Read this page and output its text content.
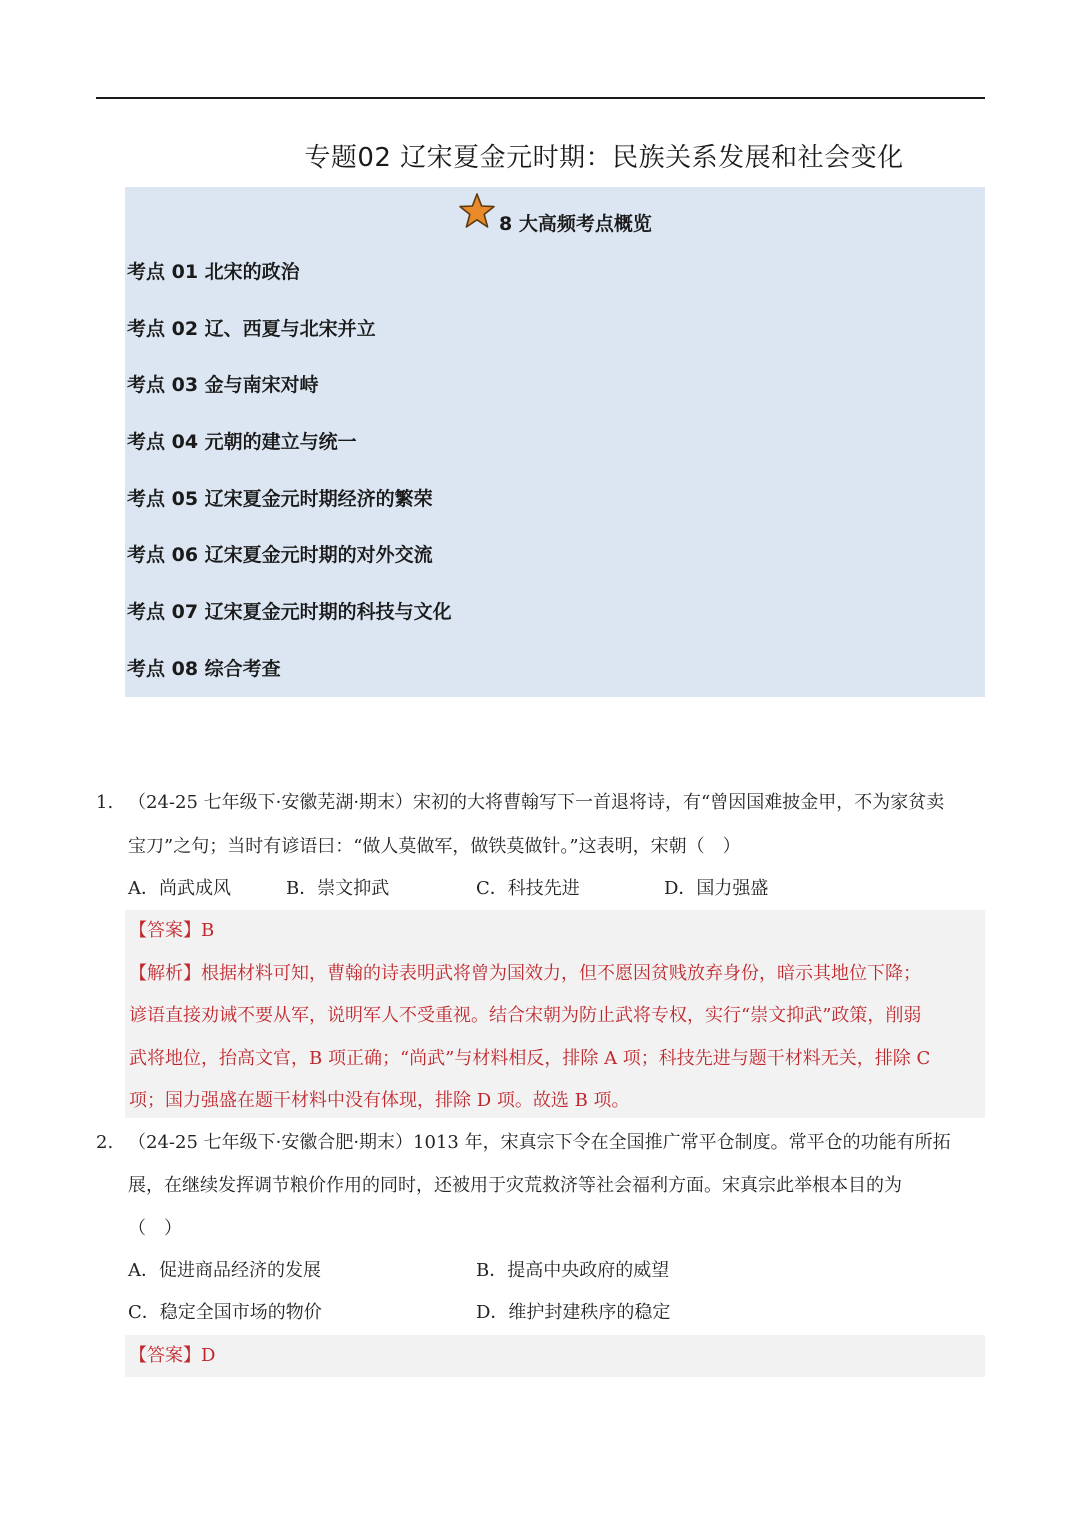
专题02 辽宋夏金元时期：民族关系发展和社会变化
8 大高频考点概览
考点 01 北宋的政治
考点 02 辽、西夏与北宋并立
考点 03 金与南宋对峙
考点 04 元朝的建立与统一
考点 05 辽宋夏金元时期经济的繁荣
考点 06 辽宋夏金元时期的对外交流
考点 07 辽宋夏金元时期的科技与文化
考点 08 综合考查
1. （24-25 七年级下·安徽芜湖·期末）宋初的大将曹翰写下一首退将诗，有“曾因国难披金甲，不为家贫卖
宝刀”之句；当时有谚语曰：“做人莫做军，做铁莫做针。”这表明，宋朝（　）
A．尚武成风	B．崇文抑武	C．科技先进	D．国力强盛
【答案】B
【解析】根据材料可知，曹翰的诗表明武将曾为国效力，但不愿因贫贱放弃身份，暗示其地位下降；
谚语直接劝诫不要从军，说明军人不受重视。结合宋朝为防止武将专权，实行“崇文抑武”政策，削弱
武将地位，抬高文官，B 项正确；“尚武”与材料相反，排除 A 项；科技先进与题干材料无关，排除 C
项；国力强盛在题干材料中没有体现，排除 D 项。故选 B 项。
2. （24-25 七年级下·安徽合肥·期末）1013 年，宋真宗下令在全国推广常平仓制度。常平仓的功能有所拓
展，在继续发挥调节粮价作用的同时，还被用于灾荒救济等社会福利方面。宋真宗此举根本目的为
（　）
A．促进商品经济的发展	B．提高中央政府的威望
C．稳定全国市场的物价	D．维护封建秩序的稳定
【答案】D
